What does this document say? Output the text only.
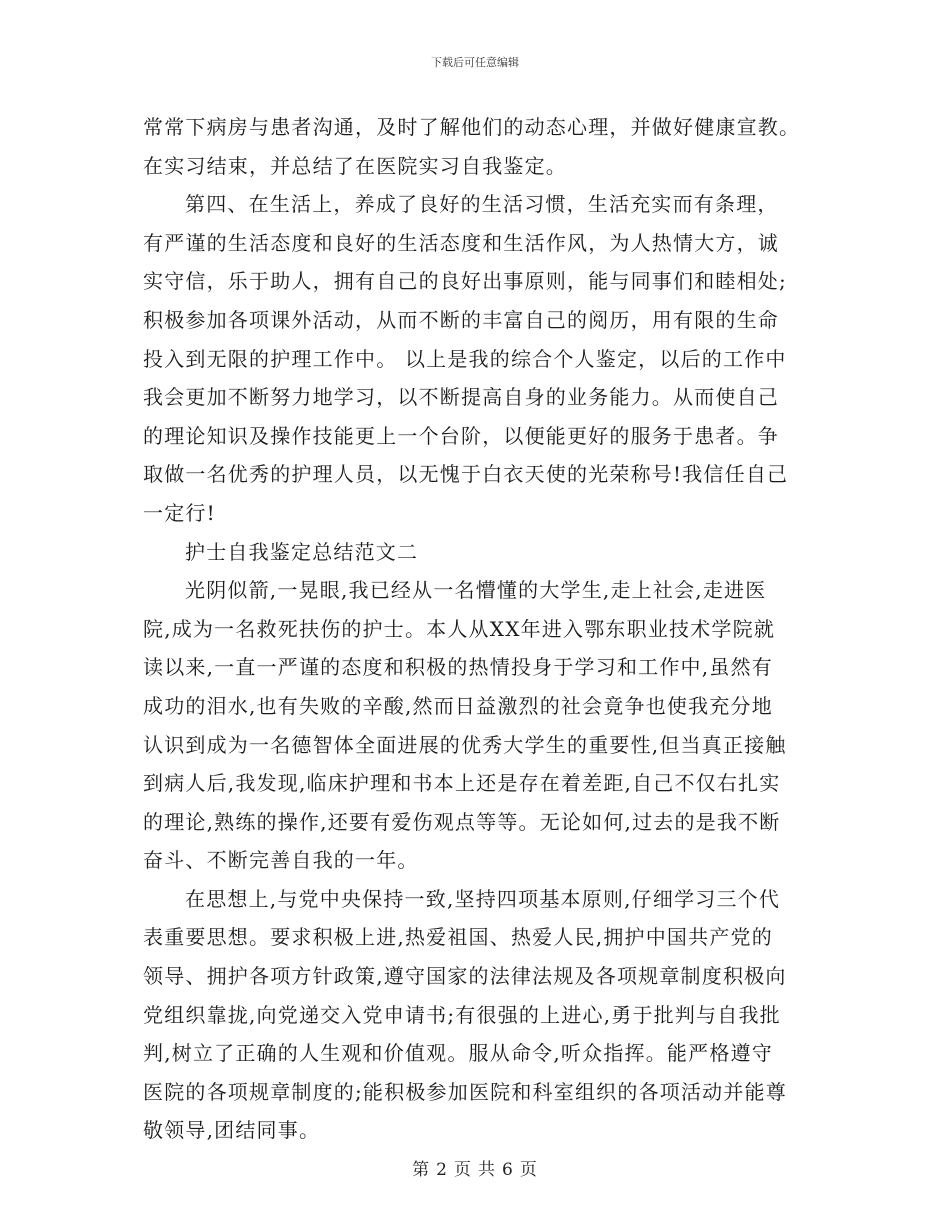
下载后可任意编辑
常常下病房与患者沟通，及时了解他们的动态心理，并做好健康宣教。
在实习结束，并总结了在医院实习自我鉴定。
第四、在生活上，养成了良好的生活习惯，生活充实而有条理，
有严谨的生活态度和良好的生活态度和生活作风，为人热情大方，诚
实守信，乐于助人，拥有自己的良好出事原则，能与同事们和睦相处;
积极参加各项课外活动，从而不断的丰富自己的阅历，用有限的生命
投入到无限的护理工作中。 以上是我的综合个人鉴定，以后的工作中
我会更加不断努力地学习，以不断提高自身的业务能力。从而使自己
的理论知识及操作技能更上一个台阶，以便能更好的服务于患者。争
取做一名优秀的护理人员，以无愧于白衣天使的光荣称号!我信任自己
一定行!
护士自我鉴定总结范文二
光阴似箭,一晃眼,我已经从一名懵懂的大学生,走上社会,走进医
院,成为一名救死扶伤的护士。本人从XX年进入鄂东职业技术学院就
读以来,一直一严谨的态度和积极的热情投身于学习和工作中,虽然有
成功的泪水,也有失败的辛酸,然而日益激烈的社会竟争也使我充分地
认识到成为一名德智体全面进展的优秀大学生的重要性,但当真正接触
到病人后,我发现,临床护理和书本上还是存在着差距,自己不仅右扎实
的理论,熟练的操作,还要有爱伤观点等等。无论如何,过去的是我不断
奋斗、不断完善自我的一年。
在思想上,与党中央保持一致,坚持四项基本原则,仔细学习三个代
表重要思想。要求积极上进,热爱祖国、热爱人民,拥护中国共产党的
领导、拥护各项方针政策,遵守国家的法律法规及各项规章制度积极向
党组织靠拢,向党递交入党申请书;有很强的上进心,勇于批判与自我批
判,树立了正确的人生观和价值观。服从命令,听众指挥。能严格遵守
医院的各项规章制度的;能积极参加医院和科室组织的各项活动并能尊
敬领导,团结同事。
第 2 页 共 6 页
